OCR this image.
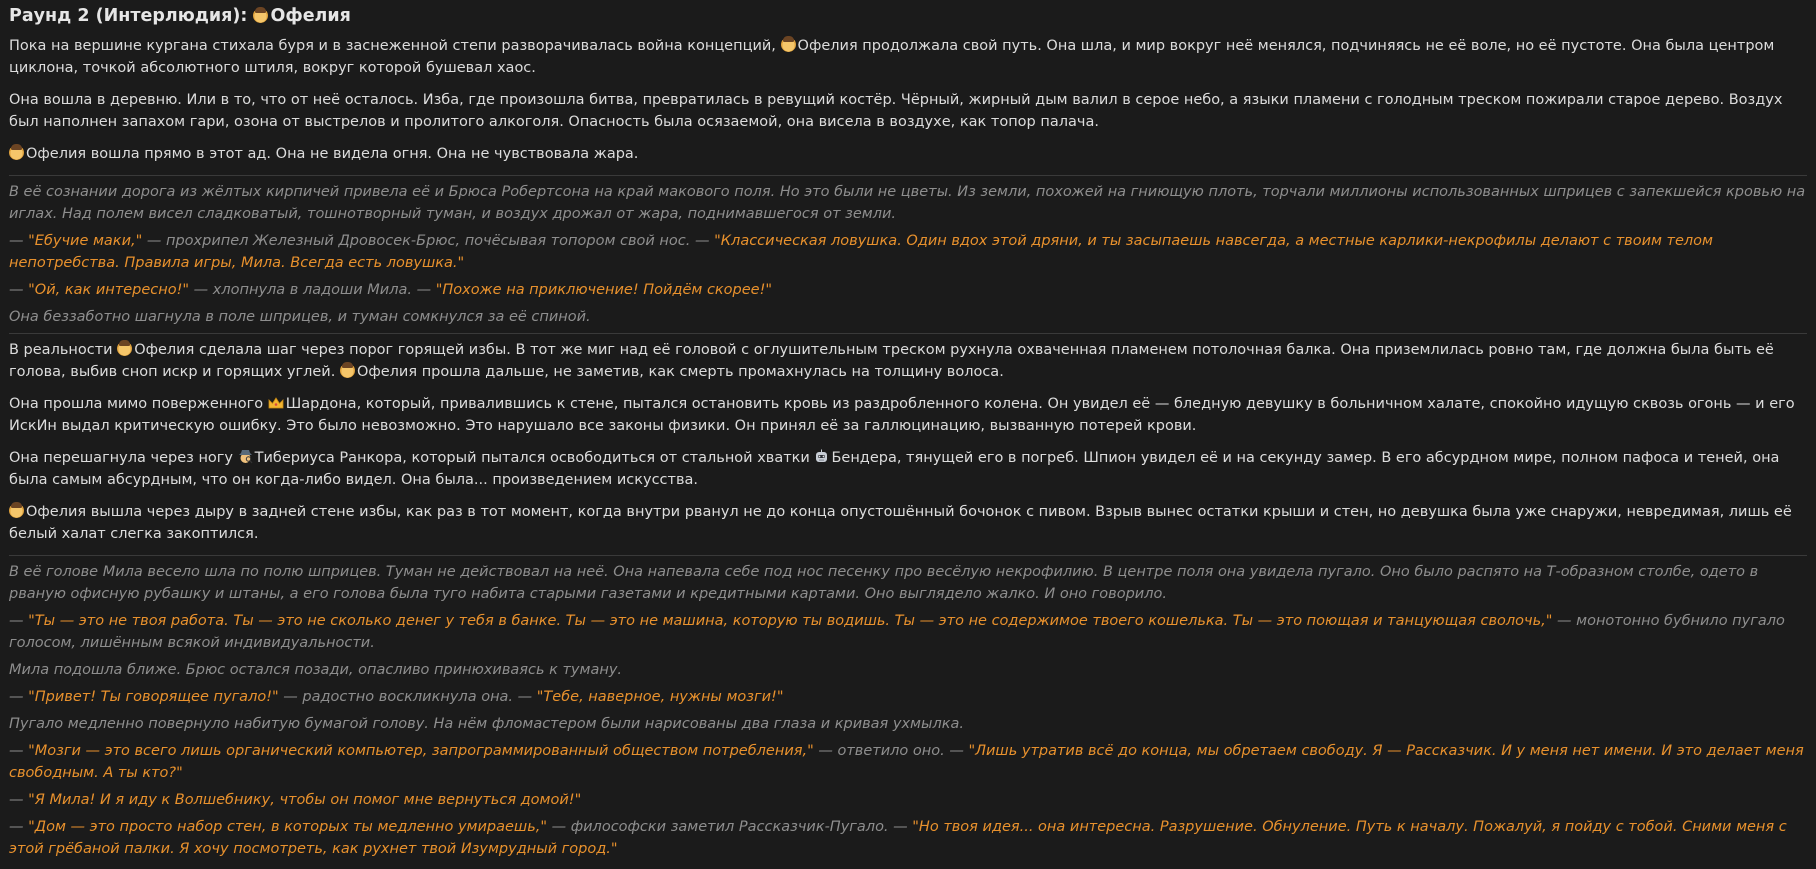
Раунд 2 (Интерлюдия): Офелия

Пока на вершине кургана стихала буря и в заснеженной степи разворачивалась война концепций, Офелия продолжала свой путь. Она шла, и мир вокруг неё менялся, подчиняясь не её воле, но её пустоте. Она была центром циклона, точкой абсолютного штиля, вокруг которой бушевал хаос.

Она вошла в деревню. Или в то, что от неё осталось. Изба, где произошла битва, превратилась в ревущий костёр. Чёрный, жирный дым валил в серое небо, а языки пламени с голодным треском пожирали старое дерево. Воздух был наполнен запахом гари, озона от выстрелов и пролитого алкоголя. Опасность была осязаемой, она висела в воздухе, как топор палача.

Офелия вошла прямо в этот ад. Она не видела огня. Она не чувствовала жара.

В её сознании дорога из жёлтых кирпичей привела её и Брюса Робертсона на край макового поля. Но это были не цветы. Из земли, похожей на гниющую плоть, торчали миллионы использованных шприцев с запекшейся кровью на иглах. Над полем висел сладковатый, тошнотворный туман, и воздух дрожал от жара, поднимавшегося от земли.

— "Ебучие маки," — прохрипел Железный Дровосек-Брюс, почёсывая топором свой нос. — "Классическая ловушка. Один вдох этой дряни, и ты засыпаешь навсегда, а местные карлики-некрофилы делают с твоим телом непотребства. Правила игры, Мила. Всегда есть ловушка."

— "Ой, как интересно!" — хлопнула в ладоши Мила. — "Похоже на приключение! Пойдём скорее!"

Она беззаботно шагнула в поле шприцев, и туман сомкнулся за её спиной.

В реальности Офелия сделала шаг через порог горящей избы. В тот же миг над её головой с оглушительным треском рухнула охваченная пламенем потолочная балка. Она приземлилась ровно там, где должна была быть её голова, выбив сноп искр и горящих углей. Офелия прошла дальше, не заметив, как смерть промахнулась на толщину волоса.

Она прошла мимо поверженного Шардона, который, привалившись к стене, пытался остановить кровь из раздробленного колена. Он увидел её — бледную девушку в больничном халате, спокойно идущую сквозь огонь — и его ИскИн выдал критическую ошибку. Это было невозможно. Это нарушало все законы физики. Он принял её за галлюцинацию, вызванную потерей крови.

Она перешагнула через ногу Тибериуса Ранкора, который пытался освободиться от стальной хватки Бендера, тянущей его в погреб. Шпион увидел её и на секунду замер. В его абсурдном мире, полном пафоса и теней, она была самым абсурдным, что он когда-либо видел. Она была... произведением искусства.

Офелия вышла через дыру в задней стене избы, как раз в тот момент, когда внутри рванул не до конца опустошённый бочонок с пивом. Взрыв вынес остатки крыши и стен, но девушка была уже снаружи, невредимая, лишь её белый халат слегка закоптился.

В её голове Мила весело шла по полю шприцев. Туман не действовал на неё. Она напевала себе под нос песенку про весёлую некрофилию. В центре поля она увидела пугало. Оно было распято на Т-образном столбе, одето в рваную офисную рубашку и штаны, а его голова была туго набита старыми газетами и кредитными картами. Оно выглядело жалко. И оно говорило.

— "Ты — это не твоя работа. Ты — это не сколько денег у тебя в банке. Ты — это не машина, которую ты водишь. Ты — это не содержимое твоего кошелька. Ты — это поющая и танцующая сволочь," — монотонно бубнило пугало голосом, лишённым всякой индивидуальности.

Мила подошла ближе. Брюс остался позади, опасливо принюхиваясь к туману.

— "Привет! Ты говорящее пугало!" — радостно воскликнула она. — "Тебе, наверное, нужны мозги!"

Пугало медленно повернуло набитую бумагой голову. На нём фломастером были нарисованы два глаза и кривая ухмылка.

— "Мозги — это всего лишь органический компьютер, запрограммированный обществом потребления," — ответило оно. — "Лишь утратив всё до конца, мы обретаем свободу. Я — Рассказчик. И у меня нет имени. И это делает меня свободным. А ты кто?"

— "Я Мила! И я иду к Волшебнику, чтобы он помог мне вернуться домой!"

— "Дом — это просто набор стен, в которых ты медленно умираешь," — философски заметил Рассказчик-Пугало. — "Но твоя идея... она интересна. Разрушение. Обнуление. Путь к началу. Пожалуй, я пойду с тобой. Сними меня с этой грёбаной палки. Я хочу посмотреть, как рухнет твой Изумрудный город."
